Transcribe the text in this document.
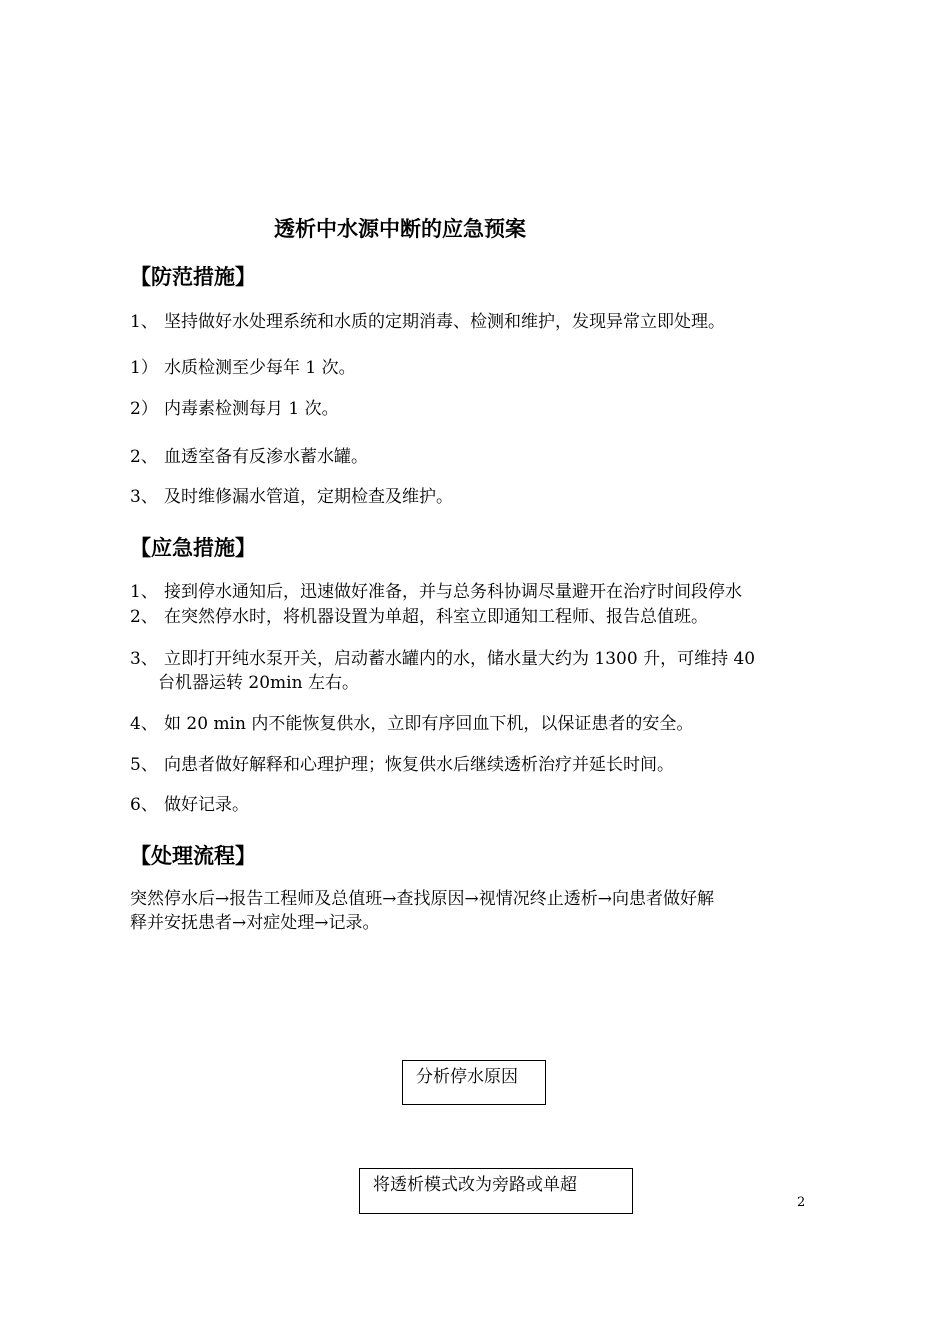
透析中水源中断的应急预案
【防范措施】
1、 坚持做好水处理系统和水质的定期消毒、检测和维护，发现异常立即处理。
1） 水质检测至少每年 1 次。
2） 内毒素检测每月 1 次。
2、 血透室备有反渗水蓄水罐。
3、 及时维修漏水管道，定期检查及维护。
【应急措施】
1、 接到停水通知后，迅速做好准备，并与总务科协调尽量避开在治疗时间段停水
2、 在突然停水时，将机器设置为单超，科室立即通知工程师、报告总值班。
3、 立即打开纯水泵开关，启动蓄水罐内的水，储水量大约为 1300 升，可维持 40
台机器运转 20min 左右。
4、 如 20 min 内不能恢复供水，立即有序回血下机，以保证患者的安全。
5、 向患者做好解释和心理护理；恢复供水后继续透析治疗并延长时间。
6、 做好记录。
【处理流程】
突然停水后→报告工程师及总值班→查找原因→视情况终止透析→向患者做好解
释并安抚患者→对症处理→记录。
分析停水原因
将透析模式改为旁路或单超
2
